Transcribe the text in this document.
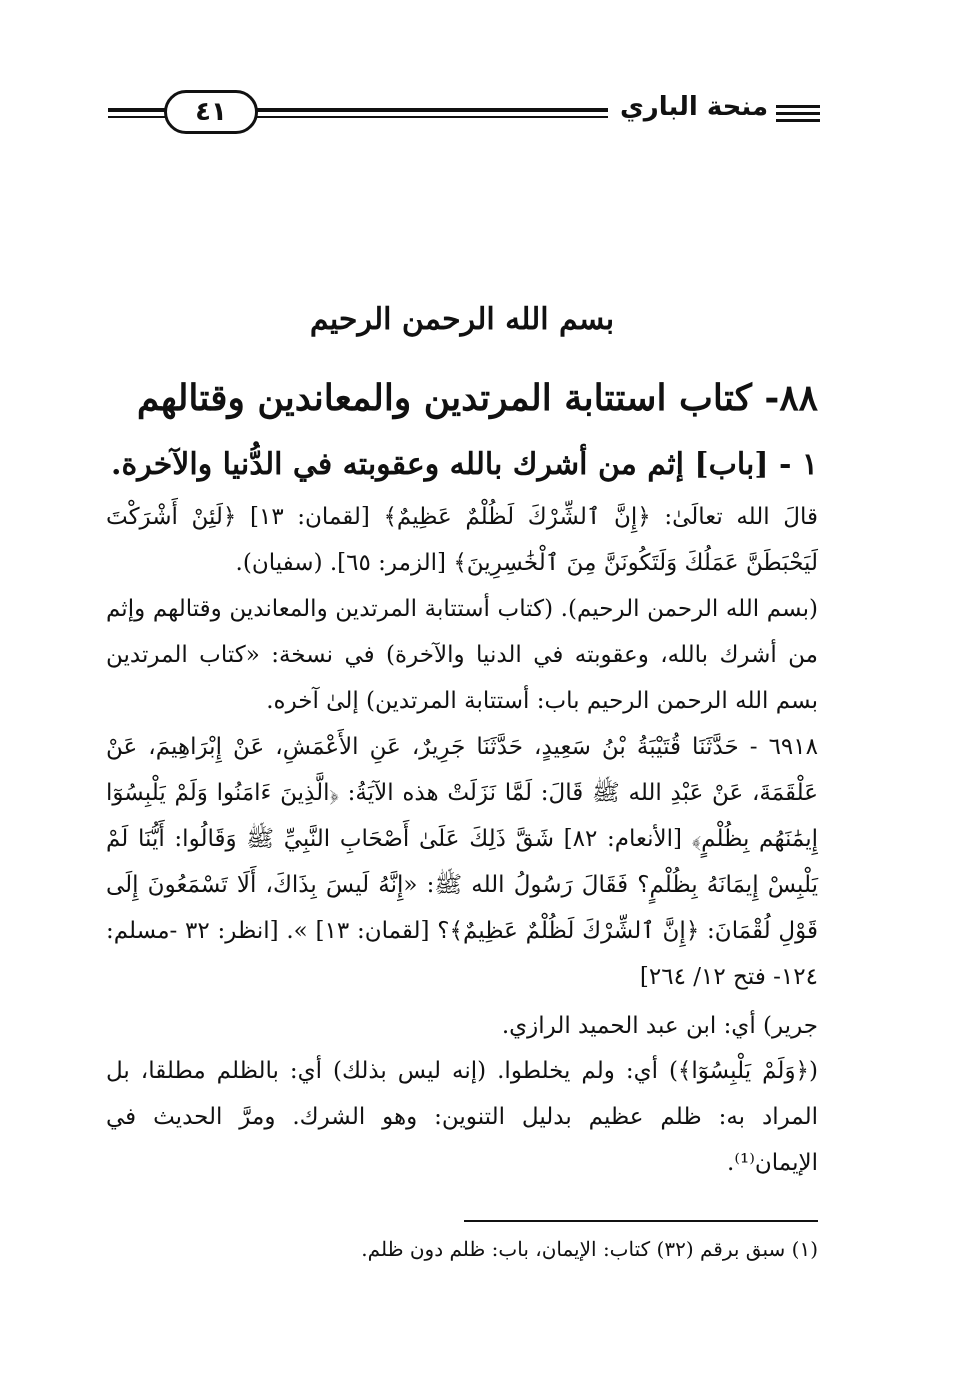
٤١	منحة الباري
بسم الله الرحمن الرحيم
٨٨- كتاب استتابة المرتدين والمعاندين وقتالهم
١ - [باب] إثم من أشرك بالله وعقوبته في الدُّنيا والآخرة.
قالَ الله تعالَىٰ: ﴿إِنَّ ٱلشِّرْكَ لَظُلْمٌ عَظِيمٌ﴾ [لقمان: ١٣] ﴿لَئِنْ أَشْرَكْتَ لَيَحْبَطَنَّ عَمَلُكَ وَلَتَكُونَنَّ مِنَ ٱلْخَٰسِرِينَ﴾ [الزمر: ٦٥]. (سفيان).
(بسم الله الرحمن الرحيم). (كتاب أستتابة المرتدين والمعاندين وقتالهم وإثم من أشرك بالله، وعقوبته في الدنيا والآخرة) في نسخة: «كتاب المرتدين بسم الله الرحمن الرحيم باب: أستتابة المرتدين) إلىٰ آخره.
٦٩١٨ - حَدَّثَنَا قُتَيْبَةُ بْنُ سَعِيدٍ، حَدَّثَنَا جَرِيرٌ، عَنِ الأَعْمَشِ، عَنْ إِبْرَاهِيمَ، عَنْ عَلْقَمَةَ، عَنْ عَبْدِ الله ﷺ قَالَ: لَمَّا نَزَلَتْ هذه الآيَةُ: ﴿الَّذِينَ ءَامَنُوا وَلَمْ يَلْبِسُوٓا إِيمَٰنَهُم بِظُلْمٍ﴾ [الأنعام: ٨٢] شَقَّ ذَلِكَ عَلَىٰ أَصْحَابِ النَّبِيِّ ﷺ وَقَالُوا: أَيُّنَا لَمْ يَلْبِسْ إِيمَانَهُ بِظُلْمٍ؟ فَقَالَ رَسُولُ الله ﷺ: «إِنَّهُ لَيسَ بِذَاكَ، أَلَا تَسْمَعُونَ إِلَى قَوْلِ لُقْمَانَ: ﴿إِنَّ ٱلشِّرْكَ لَظُلْمٌ عَظِيمٌ﴾؟ [لقمان: ١٣] ». [انظر: ٣٢ -مسلم: ١٢٤- فتح ١٢/ ٢٦٤]
جرير) أي: ابن عبد الحميد الرازي.
(﴿وَلَمْ يَلْبِسُوٓا﴾) أي: ولم يخلطوا. (إنه ليس بذلك) أي: بالظلم مطلقا، بل المراد به: ظلم عظيم بدليل التنوين: وهو الشرك. ومرَّ الحديث في الإيمان⁽¹⁾.
(١) سبق برقم (٣٢) كتاب: الإيمان، باب: ظلم دون ظلم.
